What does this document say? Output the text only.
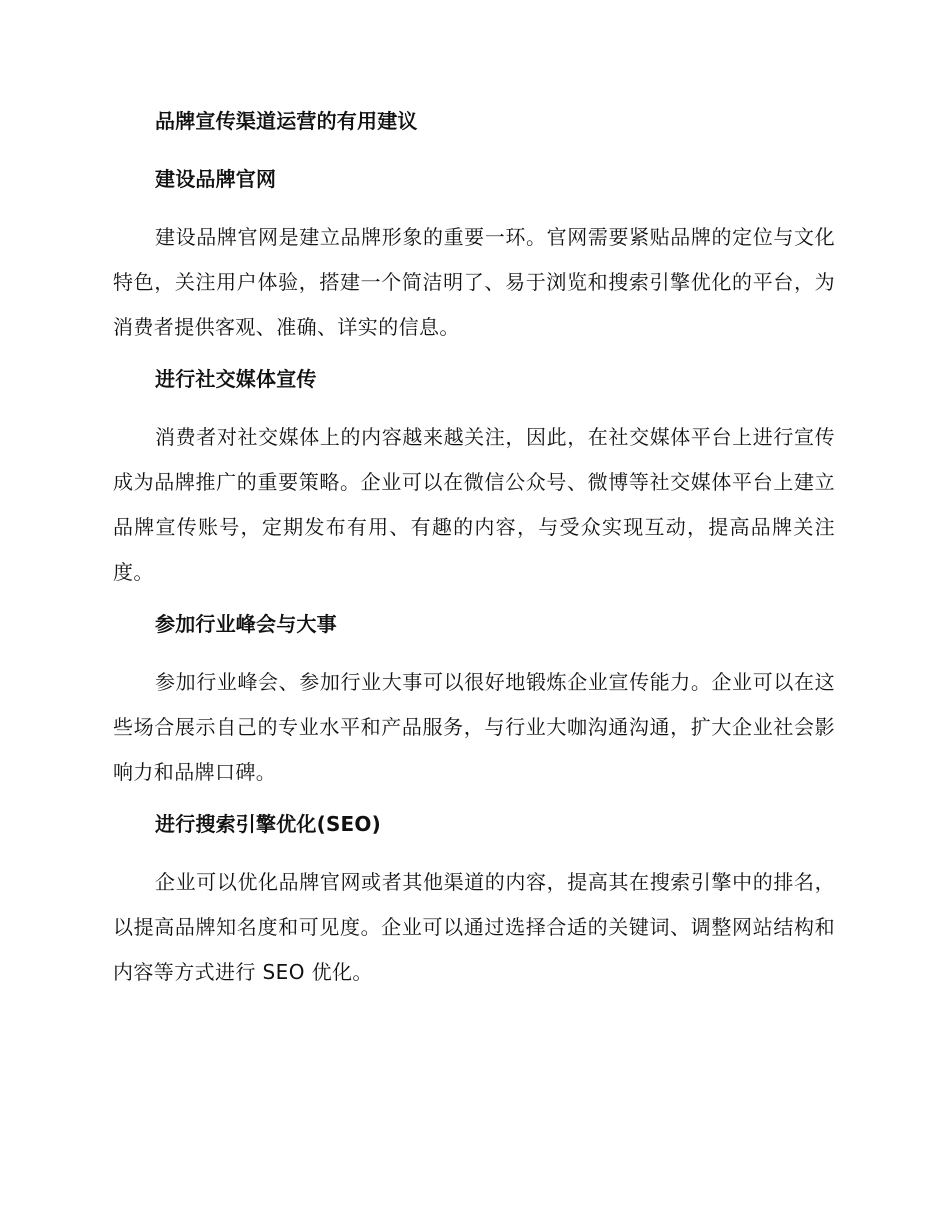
品牌宣传渠道运营的有用建议
建设品牌官网

建设品牌官网是建立品牌形象的重要一环。官网需要紧贴品牌的定位与文化特色，关注用户体验，搭建一个简洁明了、易于浏览和搜索引擎优化的平台，为消费者提供客观、准确、详实的信息。

进行社交媒体宣传

消费者对社交媒体上的内容越来越关注，因此，在社交媒体平台上进行宣传成为品牌推广的重要策略。企业可以在微信公众号、微博等社交媒体平台上建立品牌宣传账号，定期发布有用、有趣的内容，与受众实现互动，提高品牌关注度。

参加行业峰会与大事

参加行业峰会、参加行业大事可以很好地锻炼企业宣传能力。企业可以在这些场合展示自己的专业水平和产品服务，与行业大咖沟通沟通，扩大企业社会影响力和品牌口碑。

进行搜索引擎优化(SEO)

企业可以优化品牌官网或者其他渠道的内容，提高其在搜索引擎中的排名，以提高品牌知名度和可见度。企业可以通过选择合适的关键词、调整网站结构和内容等方式进行 SEO 优化。
